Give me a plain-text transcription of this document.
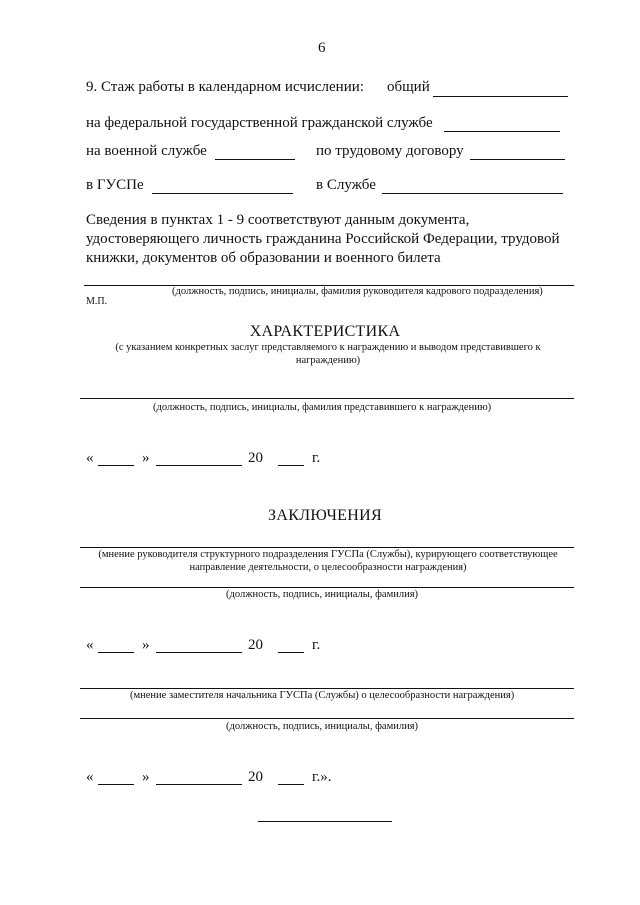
6
9. Стаж работы в календарном исчислении: общий
на федеральной государственной гражданской службе
на военной службе	по трудовому договору
в ГУСПе	в Службе
Сведения в пунктах 1 - 9 соответствуют данным документа, удостоверяющего личность гражданина Российской Федерации, трудовой книжки, документов об образовании и военного билета
(должность, подпись, инициалы, фамилия руководителя кадрового подразделения)
М.П.
ХАРАКТЕРИСТИКА
(с указанием конкретных заслуг представляемого к награждению и выводом представившего к награждению)
(должность, подпись, инициалы, фамилия представившего к награждению)
«	»	20	г.
ЗАКЛЮЧЕНИЯ
(мнение руководителя структурного подразделения ГУСПа (Службы), курирующего соответствующее направление деятельности, о целесообразности награждения)
(должность, подпись, инициалы, фамилия)
«	»	20	г.
(мнение заместителя начальника ГУСПа (Службы) о целесообразности награждения)
(должность, подпись, инициалы, фамилия)
«	»	20	г.».
